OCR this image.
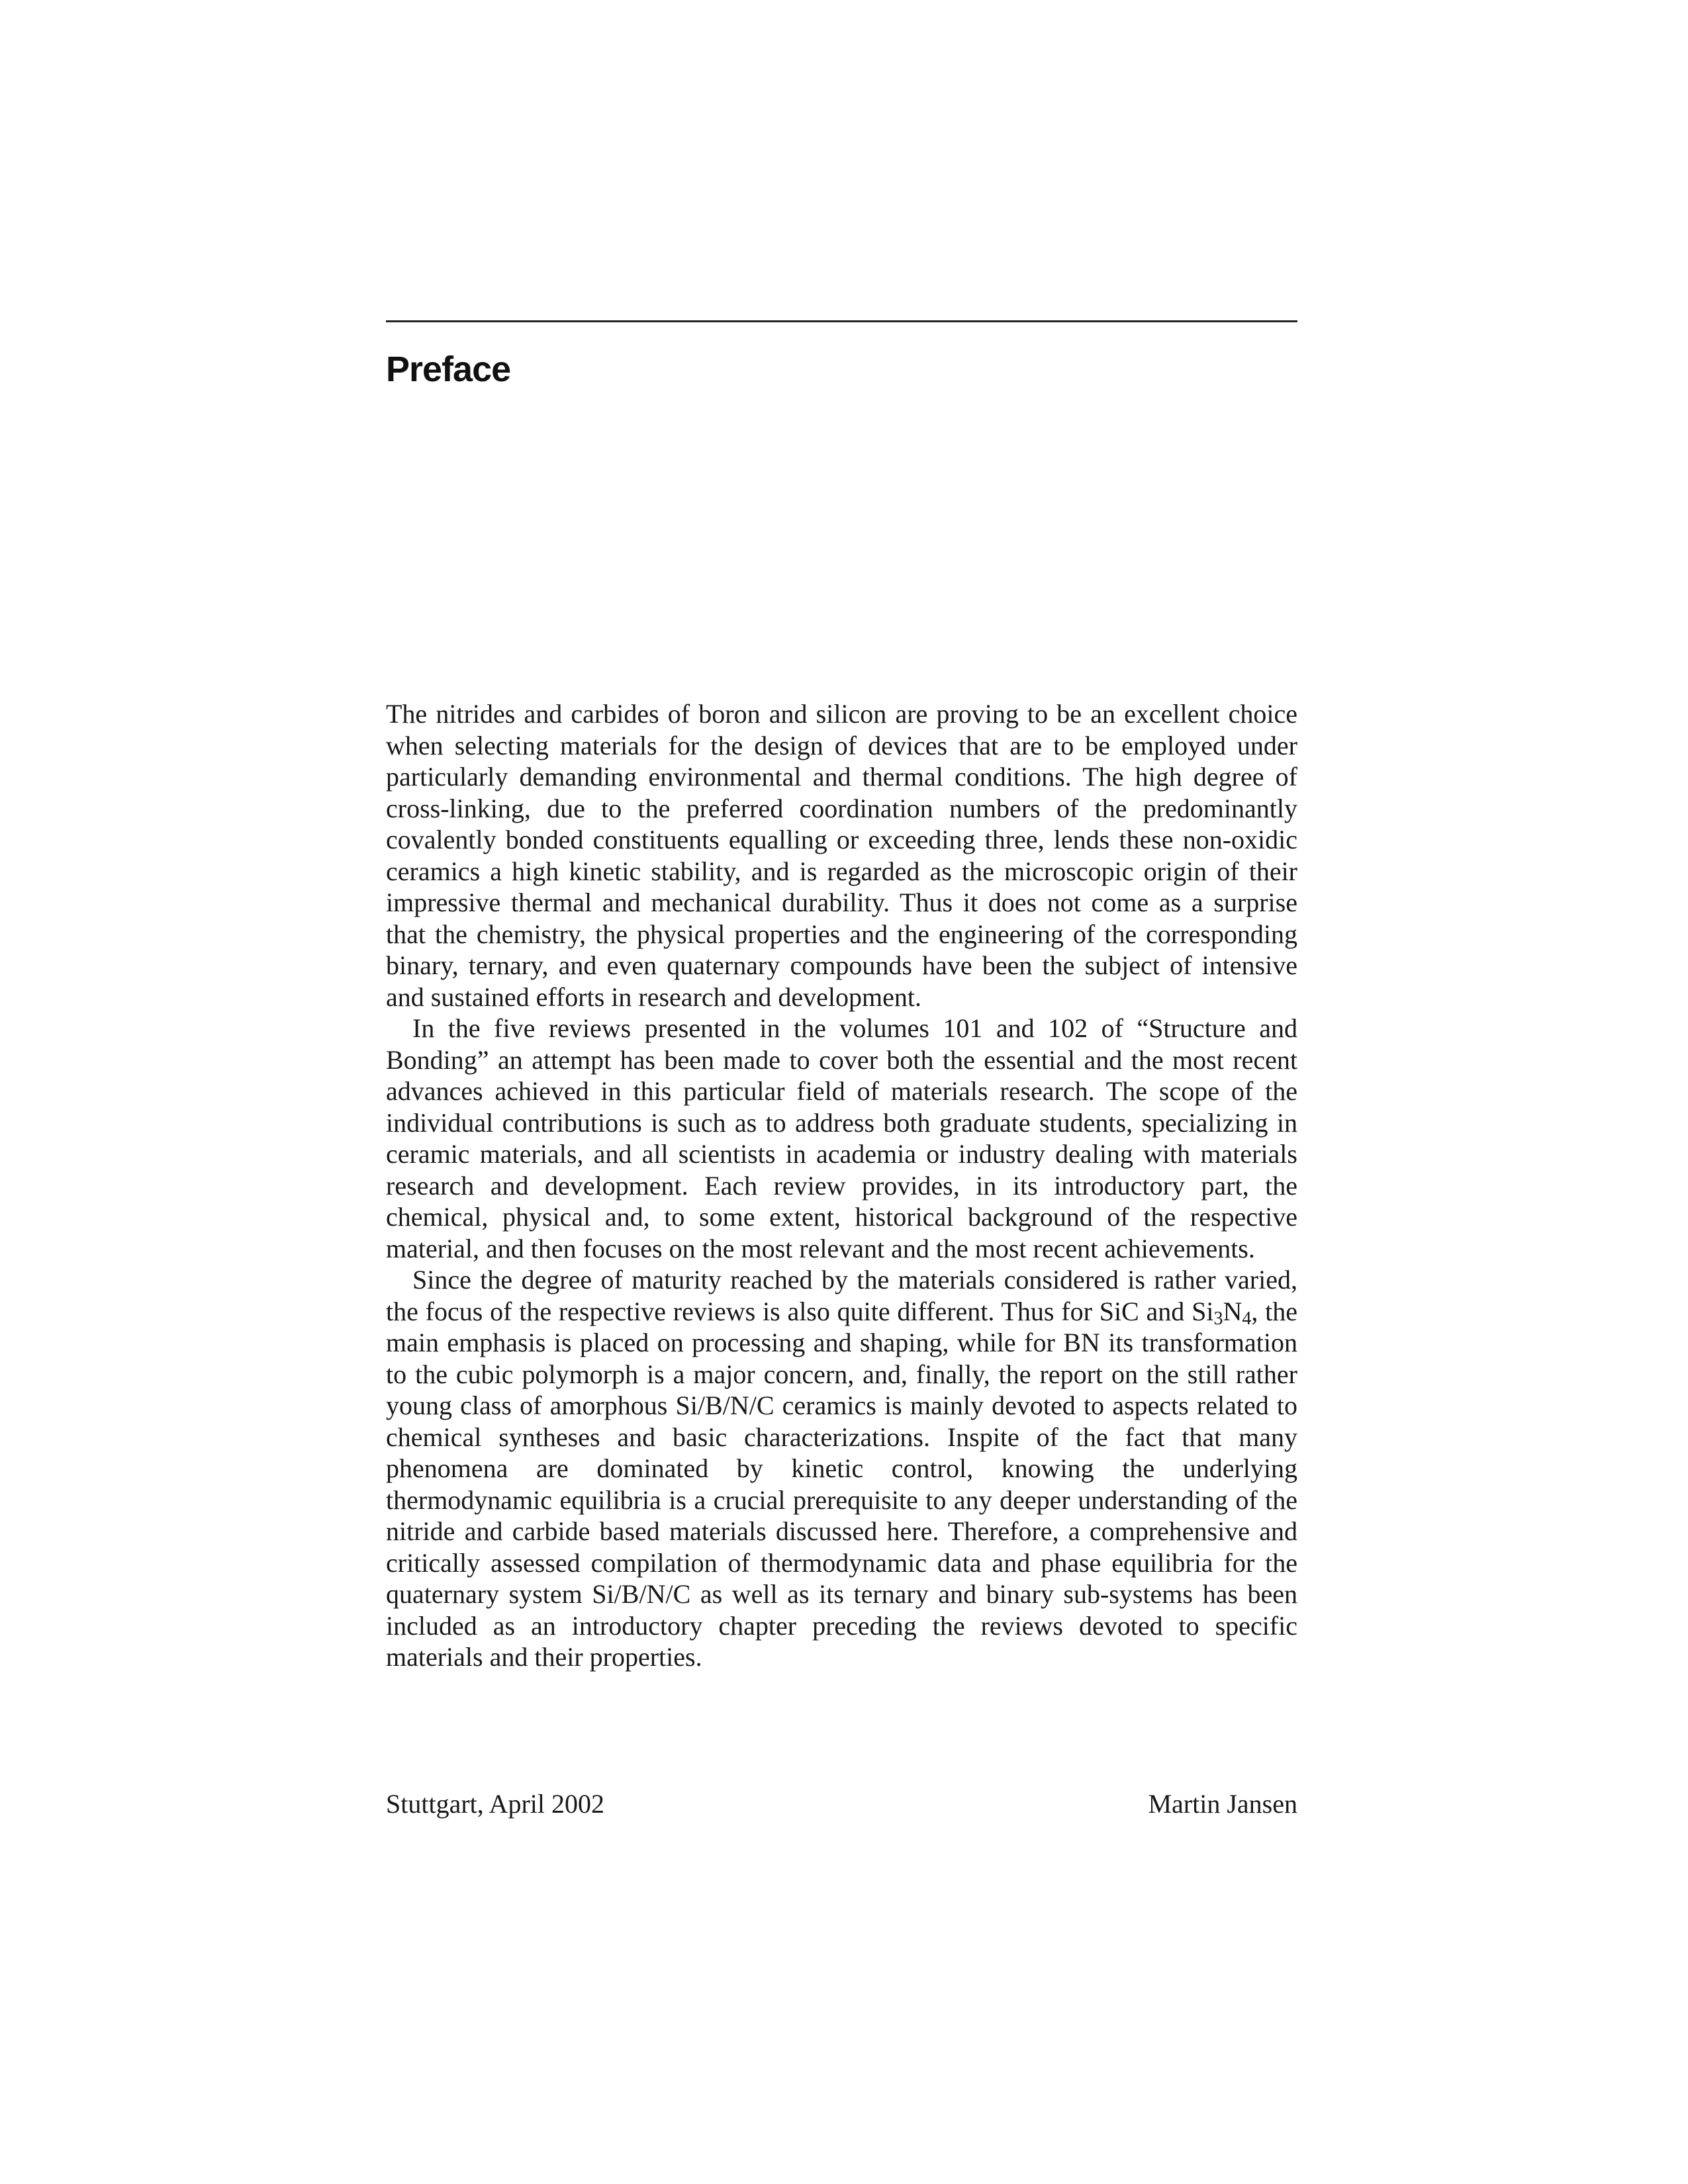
Preface

The nitrides and carbides of boron and silicon are proving to be an excellent choice when selecting materials for the design of devices that are to be employed under particularly demanding environmental and thermal conditions. The high degree of cross-linking, due to the preferred coordination numbers of the predominantly covalently bonded constituents equalling or exceeding three, lends these non-oxidic ceramics a high kinetic stability, and is regarded as the microscopic origin of their impressive thermal and mechanical durability. Thus it does not come as a surprise that the chemistry, the physical properties and the engineering of the corresponding binary, ternary, and even quaternary compounds have been the subject of intensive and sustained efforts in research and development.

In the five reviews presented in the volumes 101 and 102 of “Structure and Bonding” an attempt has been made to cover both the essential and the most recent advances achieved in this particular field of materials research. The scope of the individual contributions is such as to address both graduate students, specializing in ceramic materials, and all scientists in academia or industry dealing with materials research and development. Each review provides, in its introductory part, the chemical, physical and, to some extent, historical background of the respective material, and then focuses on the most relevant and the most recent achievements.

Since the degree of maturity reached by the materials considered is rather varied, the focus of the respective reviews is also quite different. Thus for SiC and $Si_3N_4$, the main emphasis is placed on processing and shaping, while for BN its transformation to the cubic polymorph is a major concern, and, finally, the report on the still rather young class of amorphous Si/B/N/C ceramics is mainly devoted to aspects related to chemical syntheses and basic characterizations. Inspite of the fact that many phenomena are dominated by kinetic control, knowing the underlying thermodynamic equilibria is a crucial prerequisite to any deeper understanding of the nitride and carbide based materials discussed here. Therefore, a comprehensive and critically assessed compilation of thermodynamic data and phase equilibria for the quaternary system Si/B/N/C as well as its ternary and binary sub-systems has been included as an introductory chapter preceding the reviews devoted to specific materials and their properties.

Stuttgart, April 2002	Martin Jansen
